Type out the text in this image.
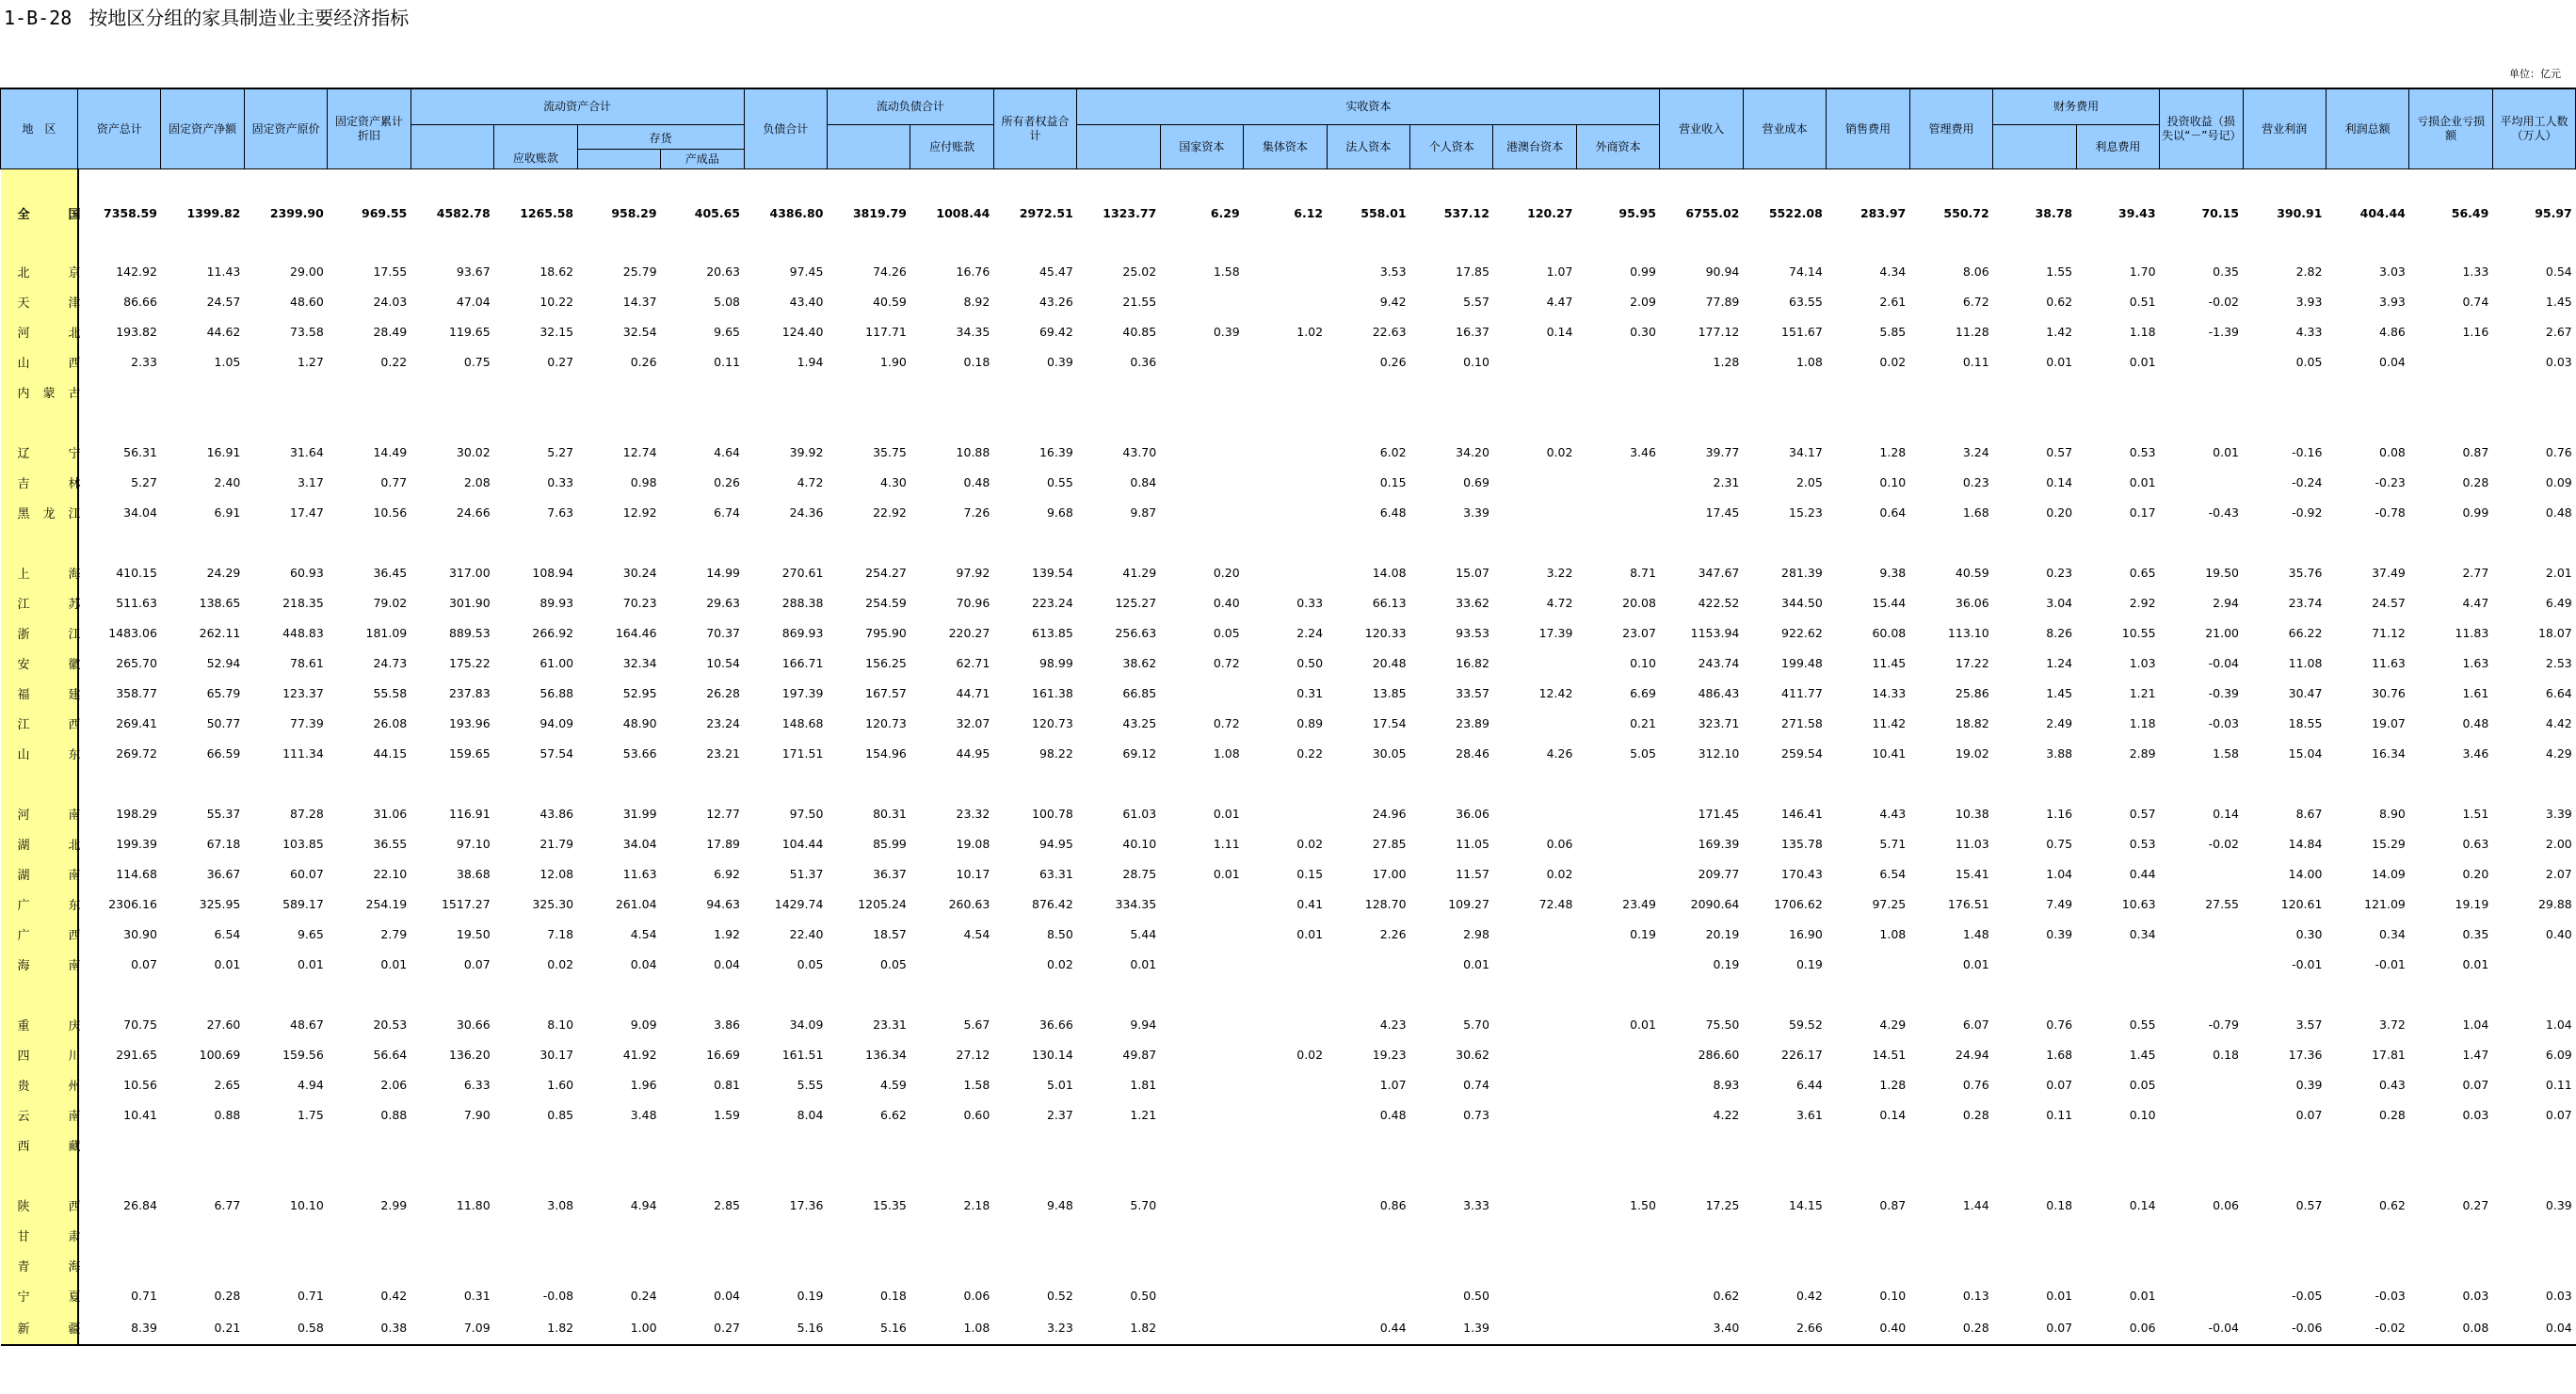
1-B-28 按地区分组的家具制造业主要经济指标
单位：亿元
地　区	资产总计	固定资产净额	固定资产原价	固定资产累计折旧	流动资产合计				负债合计	流动负债合计		所有者权益合计	实收资本							营业收入	营业成本	销售费用	管理费用	财务费用		投资收益（损失以“－”号记）	营业利润	利润总额	亏损企业亏损额	平均用工人数（万人）
						应收账款	存货				应付账款			国家资本	集体资本	法人资本	个人资本	港澳台资本	外商资本						利息费用					
								产成品																						
全　国	7358.59	1399.82	2399.90	969.55	4582.78	1265.58	958.29	405.65	4386.80	3819.79	1008.44	2972.51	1323.77	6.29	6.12	558.01	537.12	120.27	95.95	6755.02	5522.08	283.97	550.72	38.78	39.43	70.15	390.91	404.44	56.49	95.97
北　京	142.92	11.43	29.00	17.55	93.67	18.62	25.79	20.63	97.45	74.26	16.76	45.47	25.02	1.58		3.53	17.85	1.07	0.99	90.94	74.14	4.34	8.06	1.55	1.70	0.35	2.82	3.03	1.33	0.54
天　津	86.66	24.57	48.60	24.03	47.04	10.22	14.37	5.08	43.40	40.59	8.92	43.26	21.55			9.42	5.57	4.47	2.09	77.89	63.55	2.61	6.72	0.62	0.51	-0.02	3.93	3.93	0.74	1.45
河　北	193.82	44.62	73.58	28.49	119.65	32.15	32.54	9.65	124.40	117.71	34.35	69.42	40.85	0.39	1.02	22.63	16.37	0.14	0.30	177.12	151.67	5.85	11.28	1.42	1.18	-1.39	4.33	4.86	1.16	2.67
山　西	2.33	1.05	1.27	0.22	0.75	0.27	0.26	0.11	1.94	1.90	0.18	0.39	0.36			0.26	0.10			1.28	1.08	0.02	0.11	0.01	0.01		0.05	0.04		0.03
内蒙古																														

辽　宁	56.31	16.91	31.64	14.49	30.02	5.27	12.74	4.64	39.92	35.75	10.88	16.39	43.70			6.02	34.20	0.02	3.46	39.77	34.17	1.28	3.24	0.57	0.53	0.01	-0.16	0.08	0.87	0.76
吉　林	5.27	2.40	3.17	0.77	2.08	0.33	0.98	0.26	4.72	4.30	0.48	0.55	0.84			0.15	0.69			2.31	2.05	0.10	0.23	0.14	0.01		-0.24	-0.23	0.28	0.09
黑龙江	34.04	6.91	17.47	10.56	24.66	7.63	12.92	6.74	24.36	22.92	7.26	9.68	9.87			6.48	3.39			17.45	15.23	0.64	1.68	0.20	0.17	-0.43	-0.92	-0.78	0.99	0.48

上　海	410.15	24.29	60.93	36.45	317.00	108.94	30.24	14.99	270.61	254.27	97.92	139.54	41.29	0.20		14.08	15.07	3.22	8.71	347.67	281.39	9.38	40.59	0.23	0.65	19.50	35.76	37.49	2.77	2.01
江　苏	511.63	138.65	218.35	79.02	301.90	89.93	70.23	29.63	288.38	254.59	70.96	223.24	125.27	0.40	0.33	66.13	33.62	4.72	20.08	422.52	344.50	15.44	36.06	3.04	2.92	2.94	23.74	24.57	4.47	6.49
浙　江	1483.06	262.11	448.83	181.09	889.53	266.92	164.46	70.37	869.93	795.90	220.27	613.85	256.63	0.05	2.24	120.33	93.53	17.39	23.07	1153.94	922.62	60.08	113.10	8.26	10.55	21.00	66.22	71.12	11.83	18.07
安　徽	265.70	52.94	78.61	24.73	175.22	61.00	32.34	10.54	166.71	156.25	62.71	98.99	38.62	0.72	0.50	20.48	16.82		0.10	243.74	199.48	11.45	17.22	1.24	1.03	-0.04	11.08	11.63	1.63	2.53
福　建	358.77	65.79	123.37	55.58	237.83	56.88	52.95	26.28	197.39	167.57	44.71	161.38	66.85		0.31	13.85	33.57	12.42	6.69	486.43	411.77	14.33	25.86	1.45	1.21	-0.39	30.47	30.76	1.61	6.64
江　西	269.41	50.77	77.39	26.08	193.96	94.09	48.90	23.24	148.68	120.73	32.07	120.73	43.25	0.72	0.89	17.54	23.89		0.21	323.71	271.58	11.42	18.82	2.49	1.18	-0.03	18.55	19.07	0.48	4.42
山　东	269.72	66.59	111.34	44.15	159.65	57.54	53.66	23.21	171.51	154.96	44.95	98.22	69.12	1.08	0.22	30.05	28.46	4.26	5.05	312.10	259.54	10.41	19.02	3.88	2.89	1.58	15.04	16.34	3.46	4.29

河　南	198.29	55.37	87.28	31.06	116.91	43.86	31.99	12.77	97.50	80.31	23.32	100.78	61.03	0.01		24.96	36.06			171.45	146.41	4.43	10.38	1.16	0.57	0.14	8.67	8.90	1.51	3.39
湖　北	199.39	67.18	103.85	36.55	97.10	21.79	34.04	17.89	104.44	85.99	19.08	94.95	40.10	1.11	0.02	27.85	11.05	0.06		169.39	135.78	5.71	11.03	0.75	0.53	-0.02	14.84	15.29	0.63	2.00
湖　南	114.68	36.67	60.07	22.10	38.68	12.08	11.63	6.92	51.37	36.37	10.17	63.31	28.75	0.01	0.15	17.00	11.57	0.02		209.77	170.43	6.54	15.41	1.04	0.44		14.00	14.09	0.20	2.07
广　东	2306.16	325.95	589.17	254.19	1517.27	325.30	261.04	94.63	1429.74	1205.24	260.63	876.42	334.35		0.41	128.70	109.27	72.48	23.49	2090.64	1706.62	97.25	176.51	7.49	10.63	27.55	120.61	121.09	19.19	29.88
广　西	30.90	6.54	9.65	2.79	19.50	7.18	4.54	1.92	22.40	18.57	4.54	8.50	5.44		0.01	2.26	2.98		0.19	20.19	16.90	1.08	1.48	0.39	0.34		0.30	0.34	0.35	0.40
海　南	0.07	0.01	0.01	0.01	0.07	0.02	0.04	0.04	0.05	0.05		0.02	0.01				0.01			0.19	0.19		0.01				-0.01	-0.01	0.01	

重　庆	70.75	27.60	48.67	20.53	30.66	8.10	9.09	3.86	34.09	23.31	5.67	36.66	9.94			4.23	5.70		0.01	75.50	59.52	4.29	6.07	0.76	0.55	-0.79	3.57	3.72	1.04	1.04
四　川	291.65	100.69	159.56	56.64	136.20	30.17	41.92	16.69	161.51	136.34	27.12	130.14	49.87		0.02	19.23	30.62			286.60	226.17	14.51	24.94	1.68	1.45	0.18	17.36	17.81	1.47	6.09
贵　州	10.56	2.65	4.94	2.06	6.33	1.60	1.96	0.81	5.55	4.59	1.58	5.01	1.81			1.07	0.74			8.93	6.44	1.28	0.76	0.07	0.05		0.39	0.43	0.07	0.11
云　南	10.41	0.88	1.75	0.88	7.90	0.85	3.48	1.59	8.04	6.62	0.60	2.37	1.21			0.48	0.73			4.22	3.61	0.14	0.28	0.11	0.10		0.07	0.28	0.03	0.07
西　藏																														

陕　西	26.84	6.77	10.10	2.99	11.80	3.08	4.94	2.85	17.36	15.35	2.18	9.48	5.70			0.86	3.33		1.50	17.25	14.15	0.87	1.44	0.18	0.14	0.06	0.57	0.62	0.27	0.39
甘　肃																														
青　海																														
宁　夏	0.71	0.28	0.71	0.42	0.31	-0.08	0.24	0.04	0.19	0.18	0.06	0.52	0.50				0.50			0.62	0.42	0.10	0.13	0.01	0.01		-0.05	-0.03	0.03	0.03
新　疆	8.39	0.21	0.58	0.38	7.09	1.82	1.00	0.27	5.16	5.16	1.08	3.23	1.82			0.44	1.39			3.40	2.66	0.40	0.28	0.07	0.06	-0.04	-0.06	-0.02	0.08	0.04
